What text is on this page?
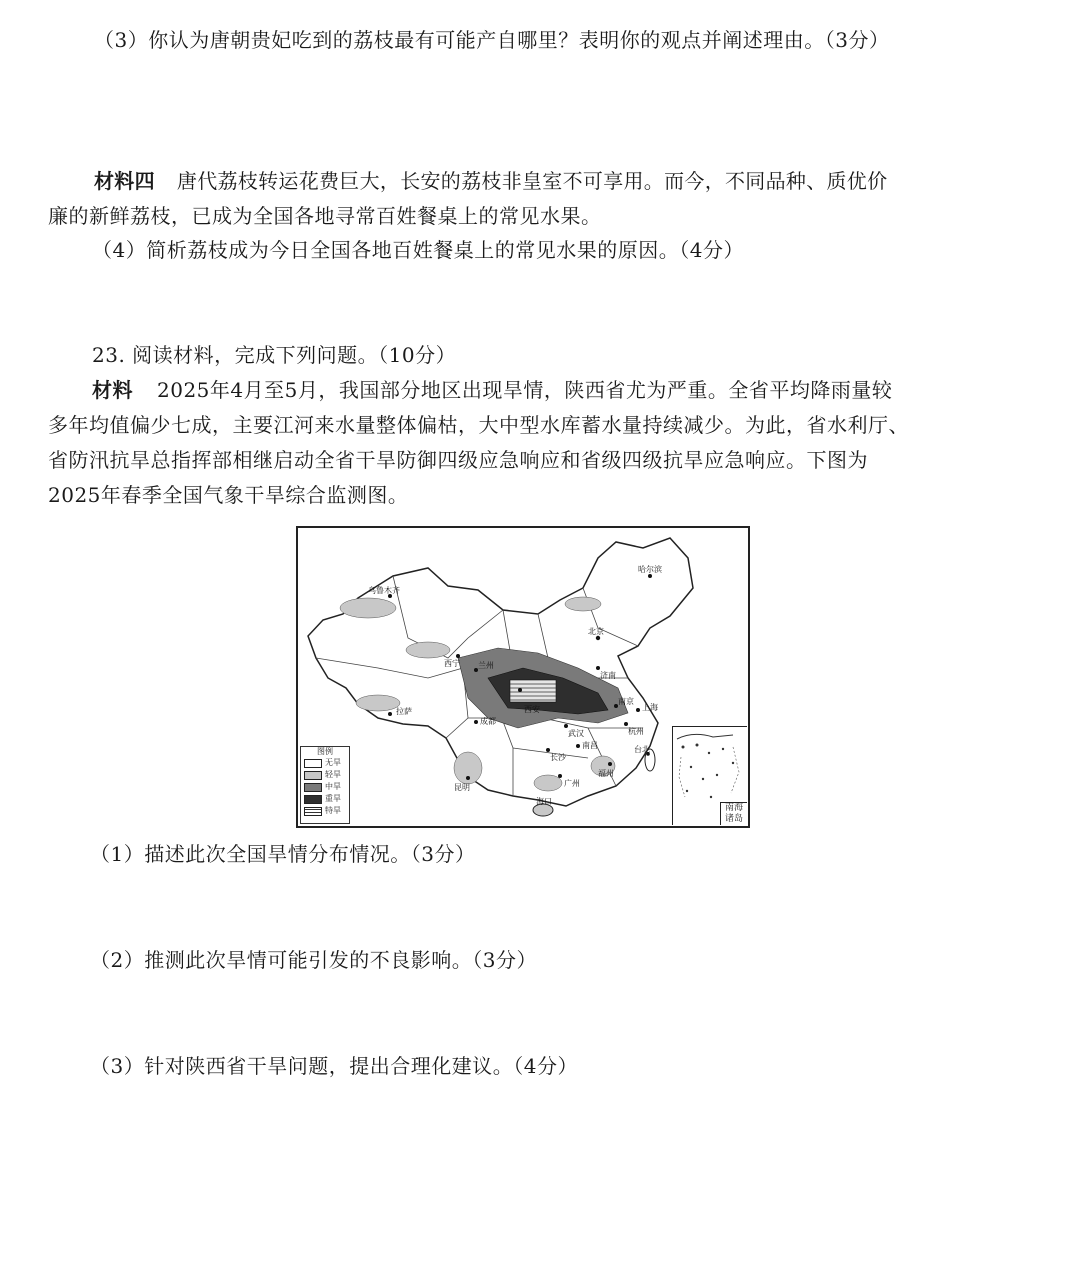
（3）你认为唐朝贵妃吃到的荔枝最有可能产自哪里？表明你的观点并阐述理由。（3分）
材料四 唐代荔枝转运花费巨大，长安的荔枝非皇室不可享用。而今，不同品种、质优价
廉的新鲜荔枝，已成为全国各地寻常百姓餐桌上的常见水果。
（4）简析荔枝成为今日全国各地百姓餐桌上的常见水果的原因。（4分）
23. 阅读材料，完成下列问题。（10分）
材料 2025年4月至5月，我国部分地区出现旱情，陕西省尤为严重。全省平均降雨量较
多年均值偏少七成，主要江河来水量整体偏枯，大中型水库蓄水量持续减少。为此，省水利厅、
省防汛抗旱总指挥部相继启动全省干旱防御四级应急响应和省级四级抗旱应急响应。下图为
2025年春季全国气象干旱综合监测图。
乌鲁木齐
哈尔滨
北京
西宁 兰州
西安
成都
拉萨
武汉
南京
上海
杭州
长沙
南昌
福州
广州
海口
台北
昆明
济南
图例
无旱
轻旱
中旱
重旱
特旱	南海诸岛
（1）描述此次全国旱情分布情况。（3分）
（2）推测此次旱情可能引发的不良影响。（3分）
（3）针对陕西省干旱问题，提出合理化建议。（4分）
